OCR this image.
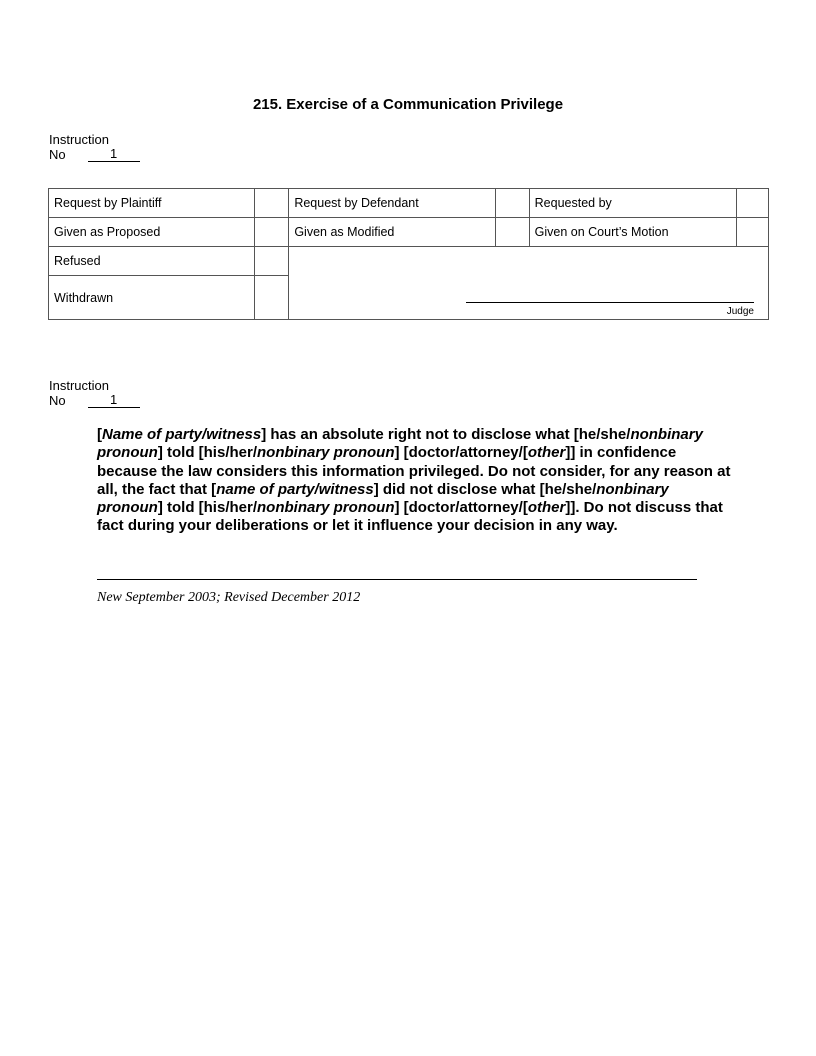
215. Exercise of a Communication Privilege
Instruction
No	1
Request by Plaintiff		Request by Defendant		Requested by	
Given as Proposed		Given as Modified		Given on Court’s Motion	
Refused		Judge			

Withdrawn					
Instruction
No	1
[Name of party/witness] has an absolute right not to disclose what [he/she/nonbinary pronoun] told [his/her/nonbinary pronoun] [doctor/attorney/[other]] in confidence because the law considers this information privileged. Do not consider, for any reason at all, the fact that [name of party/witness] did not disclose what [he/she/nonbinary pronoun] told [his/her/nonbinary pronoun] [doctor/attorney/[other]]. Do not discuss that fact during your deliberations or let it influence your decision in any way.
New September 2003; Revised December 2012
